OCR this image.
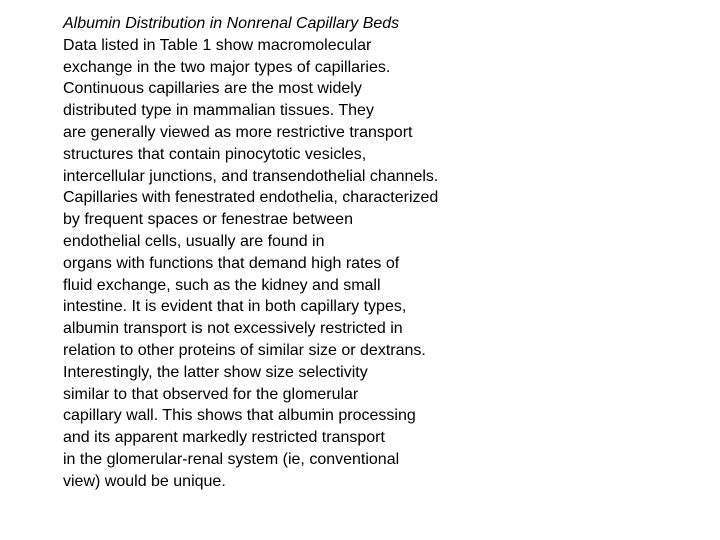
Albumin Distribution in Nonrenal Capillary Beds
Data listed in Table 1 show macromolecular
exchange in the two major types of capillaries.
Continuous capillaries are the most widely
distributed type in mammalian tissues. They
are generally viewed as more restrictive transport
structures that contain pinocytotic vesicles,
intercellular junctions, and transendothelial channels.
Capillaries with fenestrated endothelia, characterized
by frequent spaces or fenestrae between
endothelial cells, usually are found in
organs with functions that demand high rates of
fluid exchange, such as the kidney and small
intestine. It is evident that in both capillary types,
albumin transport is not excessively restricted in
relation to other proteins of similar size or dextrans.
Interestingly, the latter show size selectivity
similar to that observed for the glomerular
capillary wall. This shows that albumin processing
and its apparent markedly restricted transport
in the glomerular-renal system (ie, conventional
view) would be unique.
